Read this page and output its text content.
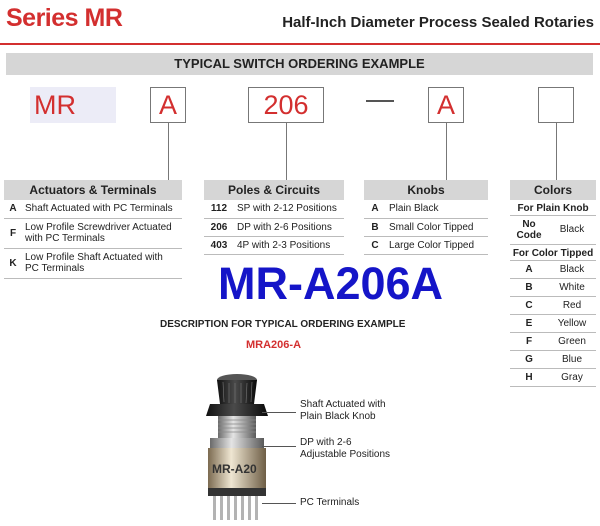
Series MR	Half-Inch Diameter Process Sealed Rotaries
TYPICAL SWITCH ORDERING EXAMPLE
MR	A	206	A
Actuators & Terminals
A	Shaft Actuated with PC Terminals
F	Low Profile Screwdriver Actuated with PC Terminals
K	Low Profile Shaft Actuated with PC Terminals
Poles & Circuits
112	SP with 2-12 Positions
206	DP with 2-6 Positions
403	4P with 2-3 Positions
Knobs
A	Plain Black
B	Small Color Tipped
C	Large Color Tipped
Colors
For Plain Knob
No Code	Black
For Color Tipped
A	Black
B	White
C	Red
E	Yellow
F	Green
G	Blue
H	Gray
MR-A206A
DESCRIPTION FOR TYPICAL ORDERING EXAMPLE
MRA206-A
MR-A20
Shaft Actuated with Plain Black Knob
DP with 2-6 Adjustable Positions
PC Terminals
